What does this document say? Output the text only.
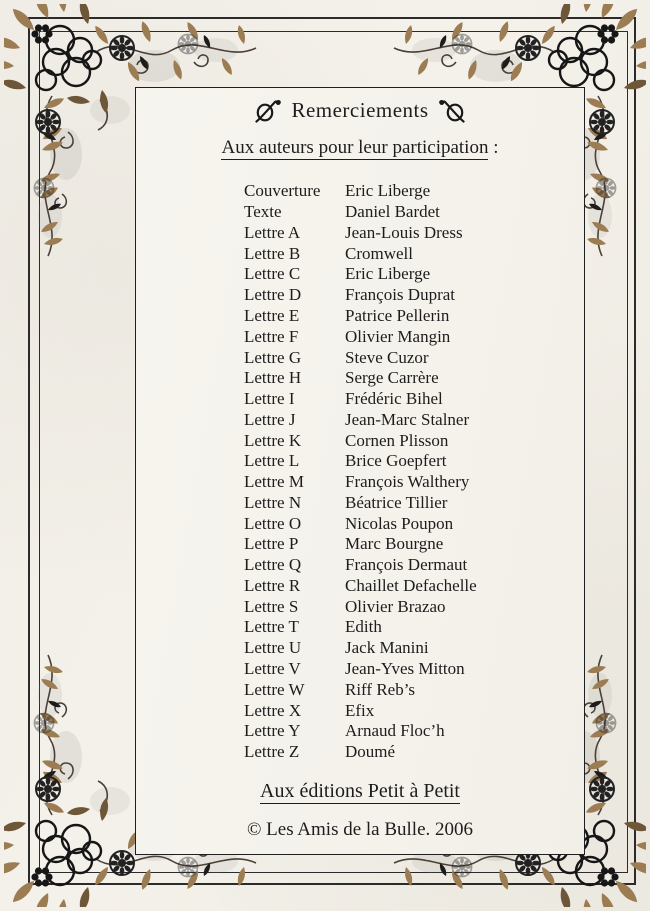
Remerciements
Aux auteurs pour leur participation :
Couverture	Eric Liberge
Texte	Daniel Bardet
Lettre A	Jean-Louis Dress
Lettre B	Cromwell
Lettre C	Eric Liberge
Lettre D	François Duprat
Lettre E	Patrice Pellerin
Lettre F	Olivier Mangin
Lettre G	Steve Cuzor
Lettre H	Serge Carrère
Lettre I	Frédéric Bihel
Lettre J	Jean-Marc Stalner
Lettre K	Cornen Plisson
Lettre L	Brice Goepfert
Lettre M	François Walthery
Lettre N	Béatrice Tillier
Lettre O	Nicolas Poupon
Lettre P	Marc Bourgne
Lettre Q	François Dermaut
Lettre R	Chaillet Defachelle
Lettre S	Olivier Brazao
Lettre T	Edith
Lettre U	Jack Manini
Lettre V	Jean-Yves Mitton
Lettre W	Riff Reb’s
Lettre X	Efix
Lettre Y	Arnaud Floc’h
Lettre Z	Doumé
Aux éditions Petit à Petit
© Les Amis de la Bulle. 2006
